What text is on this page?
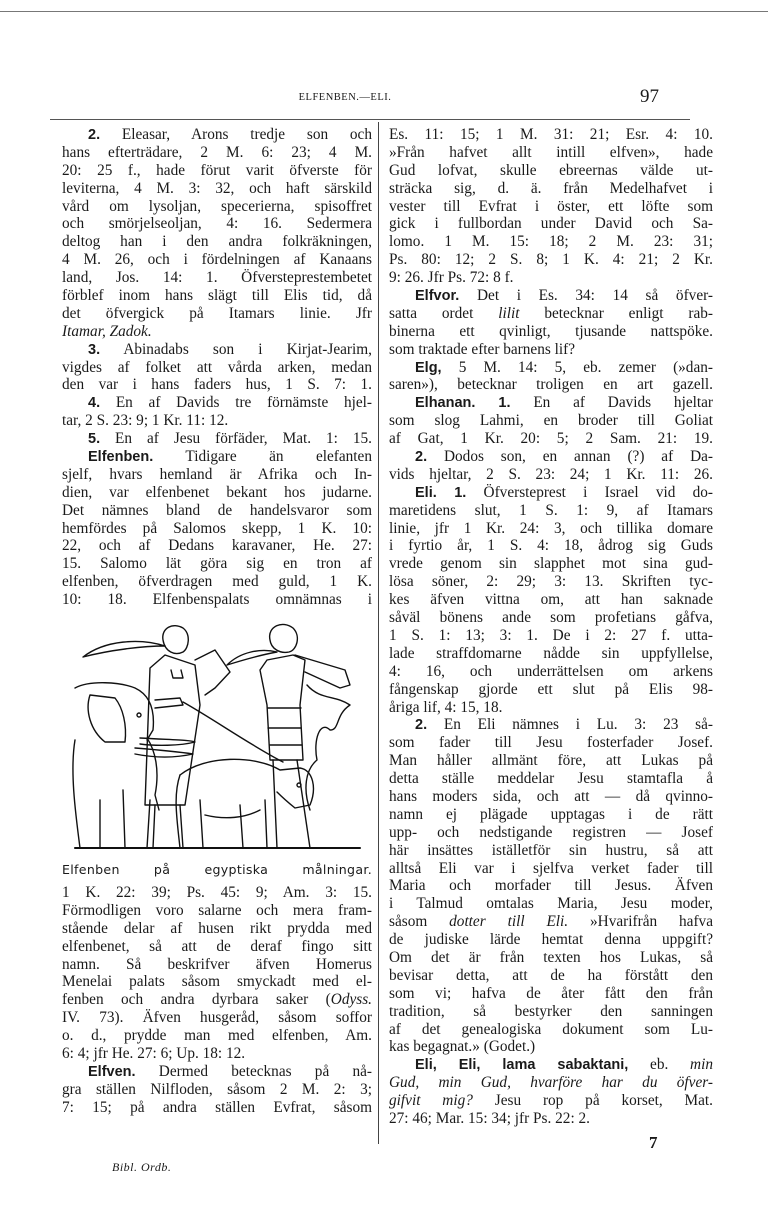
ELFENBEN.—ELI.	97
2. Eleasar, Arons tredje son och
hans efterträdare, 2 M. 6: 23; 4 M.
20: 25 f., hade förut varit öfverste för
leviterna, 4 M. 3: 32, och haft särskild
vård om lysoljan, specerierna, spisoffret
och smörjelseoljan, 4: 16. Sedermera
deltog han i den andra folkräkningen,
4 M. 26, och i fördelningen af Kanaans
land, Jos. 14: 1. Öfversteprestembetet
förblef inom hans slägt till Elis tid, då
det öfvergick på Itamars linie. Jfr
Itamar, Zadok.
3. Abinadabs son i Kirjat-Jearim,
vigdes af folket att vårda arken, medan
den var i hans faders hus, 1 S. 7: 1.
4. En af Davids tre förnämste hjel-
tar, 2 S. 23: 9; 1 Kr. 11: 12.
5. En af Jesu förfäder, Mat. 1: 15.
Elfenben. Tidigare än elefanten
sjelf, hvars hemland är Afrika och In-
dien, var elfenbenet bekant hos judarne.
Det nämnes bland de handelsvaror som
hemfördes på Salomos skepp, 1 K. 10:
22, och af Dedans karavaner, He. 27:
15. Salomo lät göra sig en tron af
elfenben, öfverdragen med guld, 1 K.
10: 18. Elfenbenspalats omnämnas i
Elfenben på egyptiska målningar.
1 K. 22: 39; Ps. 45: 9; Am. 3: 15.
Förmodligen voro salarne och mera fram-
stående delar af husen rikt prydda med
elfenbenet, så att de deraf fingo sitt
namn. Så beskrifver äfven Homerus
Menelai palats såsom smyckadt med el-
fenben och andra dyrbara saker (Odyss.
IV. 73). Äfven husgeråd, såsom soffor
o. d., prydde man med elfenben, Am.
6: 4; jfr He. 27: 6; Up. 18: 12.
Elfven. Dermed betecknas på nå-
gra ställen Nilfloden, såsom 2 M. 2: 3;
7: 15; på andra ställen Evfrat, såsom
Es. 11: 15; 1 M. 31: 21; Esr. 4: 10.
»Från hafvet allt intill elfven», hade
Gud lofvat, skulle ebreernas välde ut-
sträcka sig, d. ä. från Medelhafvet i
vester till Evfrat i öster, ett löfte som
gick i fullbordan under David och Sa-
lomo. 1 M. 15: 18; 2 M. 23: 31;
Ps. 80: 12; 2 S. 8; 1 K. 4: 21; 2 Kr.
9: 26. Jfr Ps. 72: 8 f.
Elfvor. Det i Es. 34: 14 så öfver-
satta ordet lilit betecknar enligt rab-
binerna ett qvinligt, tjusande nattspöke.
som traktade efter barnens lif?
Elg, 5 M. 14: 5, eb. zemer (»dan-
saren»), betecknar troligen en art gazell.
Elhanan. 1. En af Davids hjeltar
som slog Lahmi, en broder till Goliat
af Gat, 1 Kr. 20: 5; 2 Sam. 21: 19.
2. Dodos son, en annan (?) af Da-
vids hjeltar, 2 S. 23: 24; 1 Kr. 11: 26.
Eli. 1. Öfversteprest i Israel vid do-
maretidens slut, 1 S. 1: 9, af Itamars
linie, jfr 1 Kr. 24: 3, och tillika domare
i fyrtio år, 1 S. 4: 18, ådrog sig Guds
vrede genom sin slapphet mot sina gud-
lösa söner, 2: 29; 3: 13. Skriften tyc-
kes äfven vittna om, att han saknade
såväl bönens ande som profetians gåfva,
1 S. 1: 13; 3: 1. De i 2: 27 f. utta-
lade straffdomarne nådde sin uppfyllelse,
4: 16, och underrättelsen om arkens
fångenskap gjorde ett slut på Elis 98-
åriga lif, 4: 15, 18.
2. En Eli nämnes i Lu. 3: 23 så-
som fader till Jesu fosterfader Josef.
Man håller allmänt före, att Lukas på
detta ställe meddelar Jesu stamtafla å
hans moders sida, och att — då qvinno-
namn ej plägade upptagas i de rätt
upp- och nedstigande registren — Josef
här insättes iställetför sin hustru, så att
alltså Eli var i sjelfva verket fader till
Maria och morfader till Jesus. Äfven
i Talmud omtalas Maria, Jesu moder,
såsom dotter till Eli. »Hvarifrån hafva
de judiske lärde hemtat denna uppgift?
Om det är från texten hos Lukas, så
bevisar detta, att de ha förstått den
som vi; hafva de åter fått den från
tradition, så bestyrker den sanningen
af det genealogiska dokument som Lu-
kas begagnat.» (Godet.)
Eli, Eli, lama sabaktani, eb. min
Gud, min Gud, hvarföre har du öfver-
gifvit mig? Jesu rop på korset, Mat.
27: 46; Mar. 15: 34; jfr Ps. 22: 2.
Bibl. Ordb.
7
